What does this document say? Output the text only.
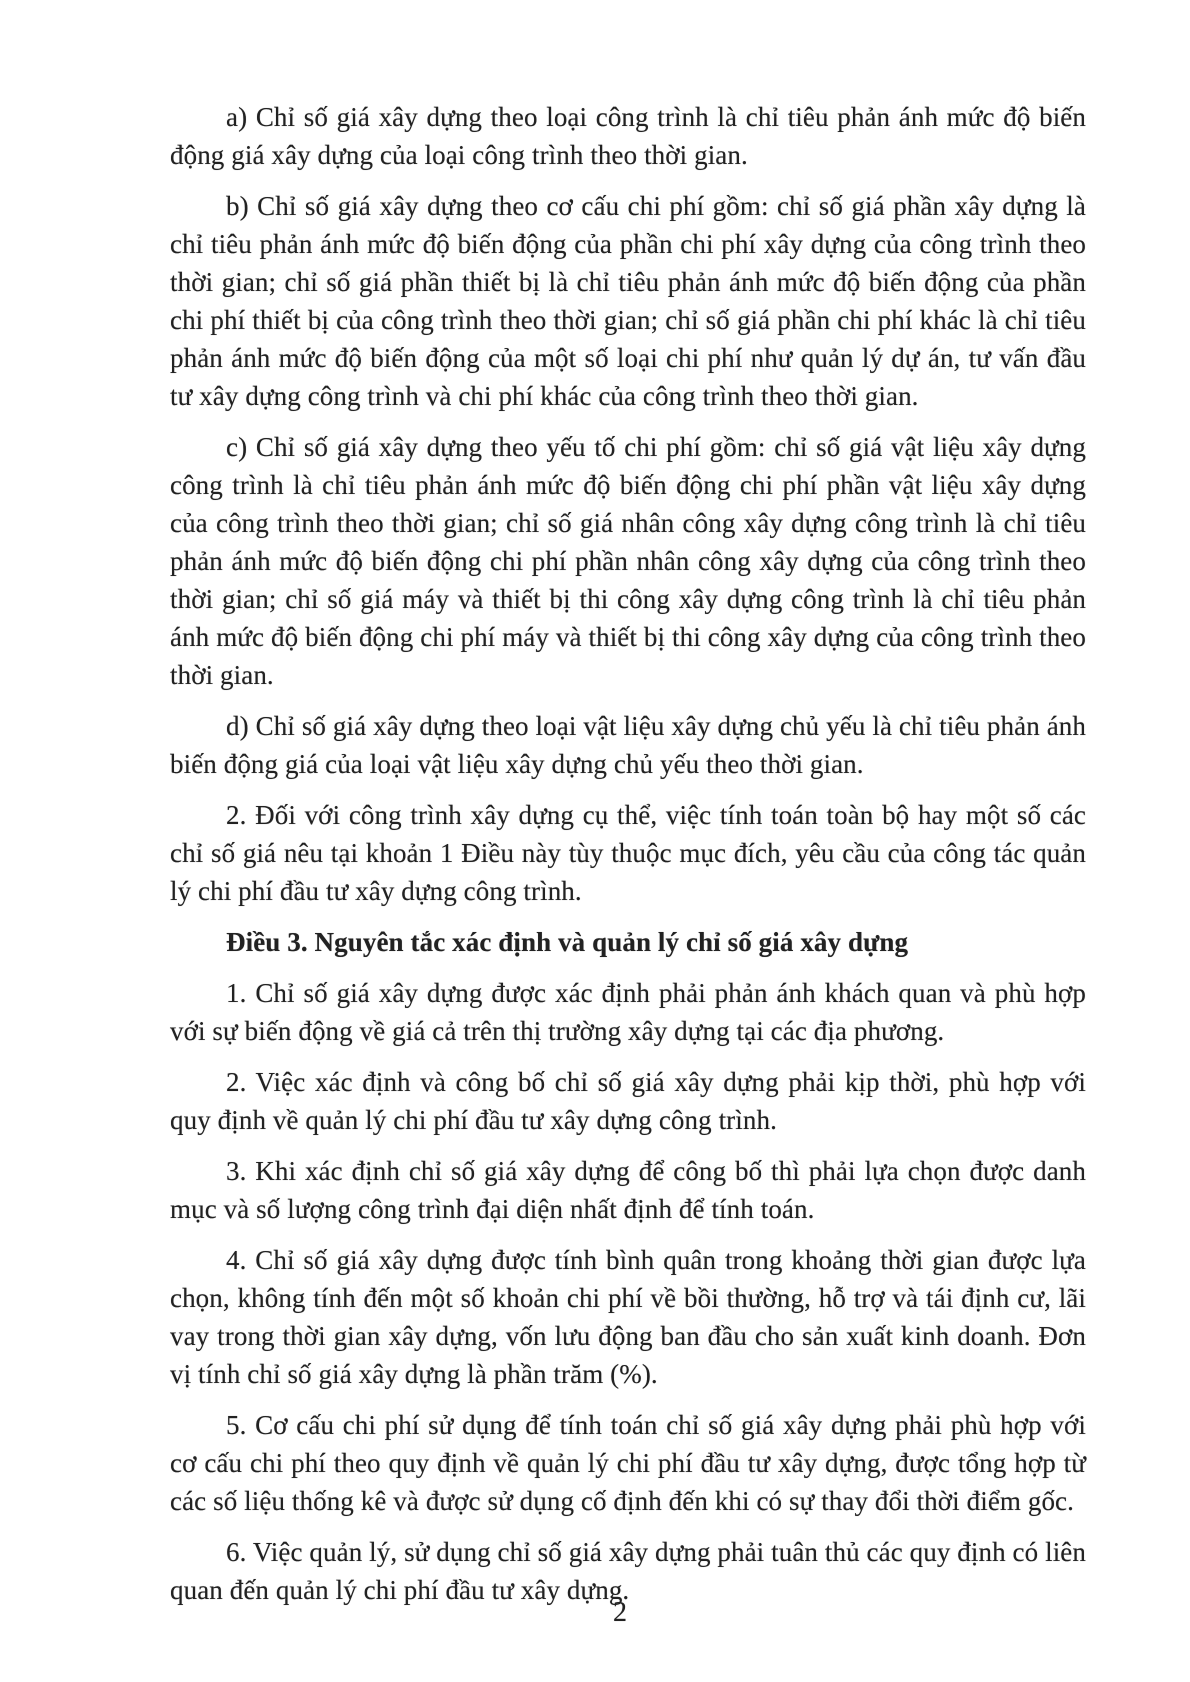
a) Chỉ số giá xây dựng theo loại công trình là chỉ tiêu phản ánh mức độ biến động giá xây dựng của loại công trình theo thời gian.

b) Chỉ số giá xây dựng theo cơ cấu chi phí gồm: chỉ số giá phần xây dựng là chỉ tiêu phản ánh mức độ biến động của phần chi phí xây dựng của công trình theo thời gian; chỉ số giá phần thiết bị là chỉ tiêu phản ánh mức độ biến động của phần chi phí thiết bị của công trình theo thời gian; chỉ số giá phần chi phí khác là chỉ tiêu phản ánh mức độ biến động của một số loại chi phí như quản lý dự án, tư vấn đầu tư xây dựng công trình và chi phí khác của công trình theo thời gian.

c) Chỉ số giá xây dựng theo yếu tố chi phí gồm: chỉ số giá vật liệu xây dựng công trình là chỉ tiêu phản ánh mức độ biến động chi phí phần vật liệu xây dựng của công trình theo thời gian; chỉ số giá nhân công xây dựng công trình là chỉ tiêu phản ánh mức độ biến động chi phí phần nhân công xây dựng của công trình theo thời gian; chỉ số giá máy và thiết bị thi công xây dựng công trình là chỉ tiêu phản ánh mức độ biến động chi phí máy và thiết bị thi công xây dựng của công trình theo thời gian.

d) Chỉ số giá xây dựng theo loại vật liệu xây dựng chủ yếu là chỉ tiêu phản ánh biến động giá của loại vật liệu xây dựng chủ yếu theo thời gian.

2. Đối với công trình xây dựng cụ thể, việc tính toán toàn bộ hay một số các chỉ số giá nêu tại khoản 1 Điều này tùy thuộc mục đích, yêu cầu của công tác quản lý chi phí đầu tư xây dựng công trình.

Điều 3. Nguyên tắc xác định và quản lý chỉ số giá xây dựng

1. Chỉ số giá xây dựng được xác định phải phản ánh khách quan và phù hợp với sự biến động về giá cả trên thị trường xây dựng tại các địa phương.

2. Việc xác định và công bố chỉ số giá xây dựng phải kịp thời, phù hợp với quy định về quản lý chi phí đầu tư xây dựng công trình.

3. Khi xác định chỉ số giá xây dựng để công bố thì phải lựa chọn được danh mục và số lượng công trình đại diện nhất định để tính toán.

4. Chỉ số giá xây dựng được tính bình quân trong khoảng thời gian được lựa chọn, không tính đến một số khoản chi phí về bồi thường, hỗ trợ và tái định cư, lãi vay trong thời gian xây dựng, vốn lưu động ban đầu cho sản xuất kinh doanh. Đơn vị tính chỉ số giá xây dựng là phần trăm (%).

5. Cơ cấu chi phí sử dụng để tính toán chỉ số giá xây dựng phải phù hợp với cơ cấu chi phí theo quy định về quản lý chi phí đầu tư xây dựng, được tổng hợp từ các số liệu thống kê và được sử dụng cố định đến khi có sự thay đổi thời điểm gốc.

6. Việc quản lý, sử dụng chỉ số giá xây dựng phải tuân thủ các quy định có liên quan đến quản lý chi phí đầu tư xây dựng.

2
